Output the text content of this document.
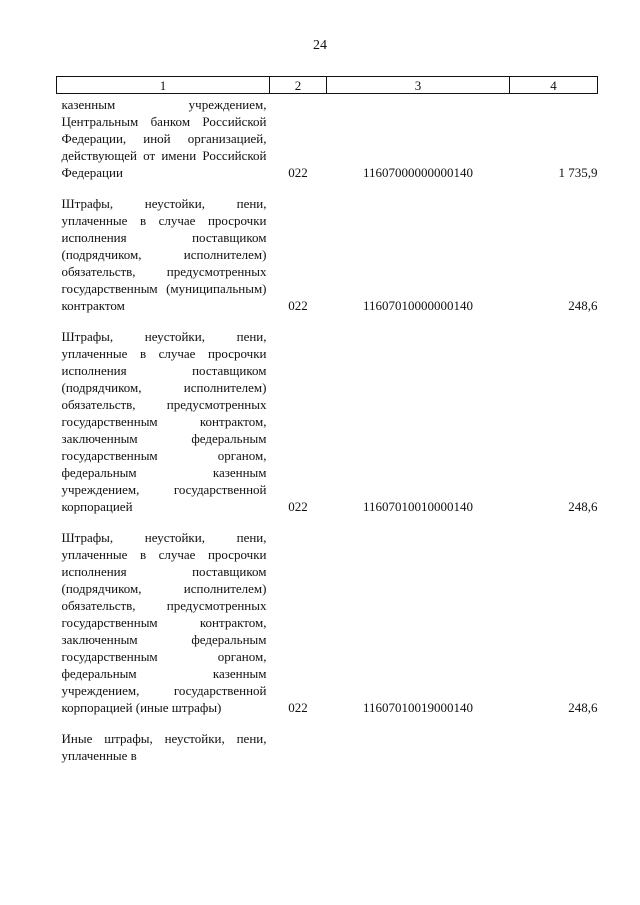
24
1	2	3	4
казенным учреждением, Центральным банком Российской Федерации, иной организацией, действующей от имени Российской Федерации	022	11607000000000140	1 735,9

Штрафы, неустойки, пени, уплаченные в случае просрочки исполнения поставщиком (подрядчиком, исполнителем) обязательств, предусмотренных государственным (муниципальным) контрактом	022	11607010000000140	248,6

Штрафы, неустойки, пени, уплаченные в случае просрочки исполнения поставщиком (подрядчиком, исполнителем) обязательств, предусмотренных государственным контрактом, заключенным федеральным государственным органом, федеральным казенным учреждением, государственной корпорацией	022	11607010010000140	248,6

Штрафы, неустойки, пени, уплаченные в случае просрочки исполнения поставщиком (подрядчиком, исполнителем) обязательств, предусмотренных государственным контрактом, заключенным федеральным государственным органом, федеральным казенным учреждением, государственной корпорацией (иные штрафы)	022	11607010019000140	248,6

Иные штрафы, неустойки, пени, уплаченные в			
